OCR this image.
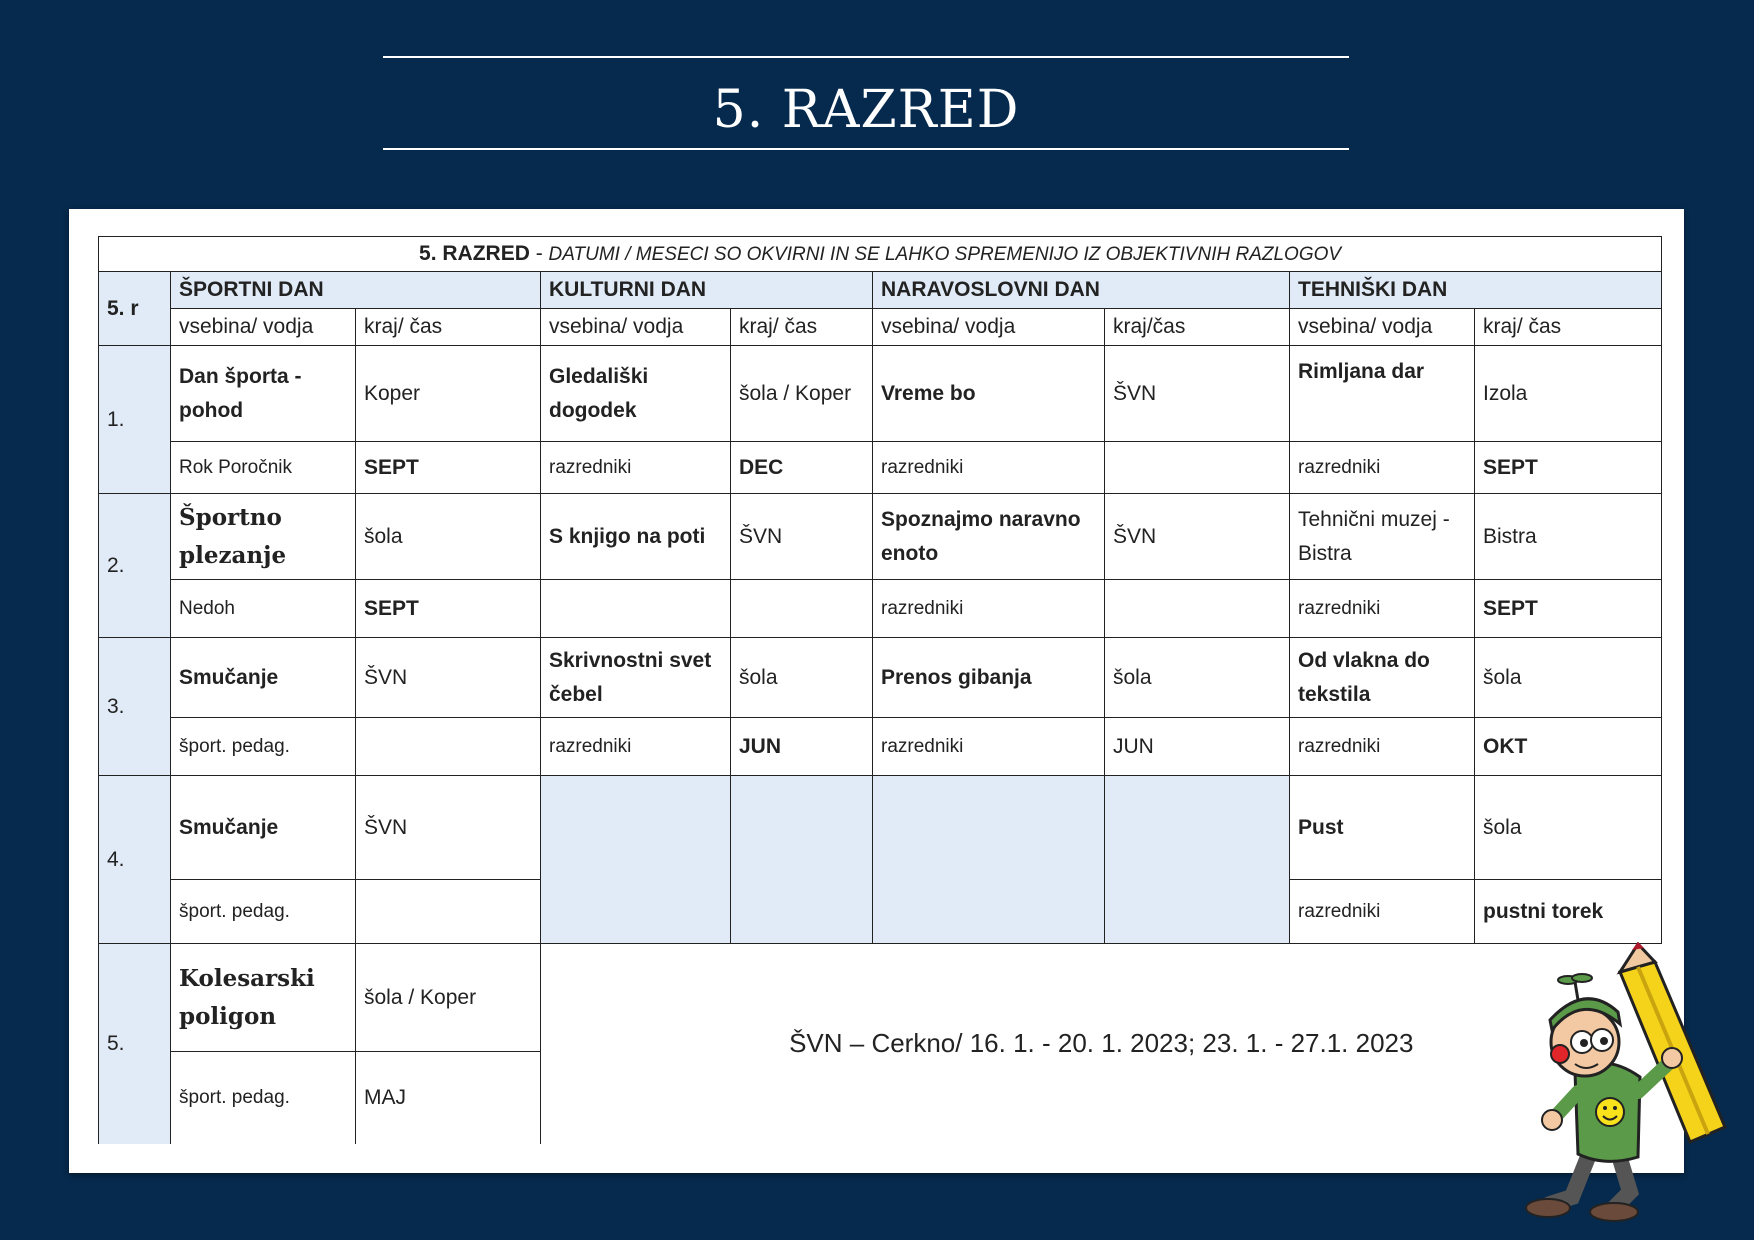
5. RAZRED
5. RAZRED - DATUMI / MESECI SO OKVIRNI IN SE LAHKO SPREMENIJO IZ OBJEKTIVNIH RAZLOGOV								
5. r	ŠPORTNI DAN		KULTURNI DAN		NARAVOSLOVNI DAN		TEHNIŠKI DAN	
	vsebina/ vodja	kraj/ čas	vsebina/ vodja	kraj/ čas	vsebina/ vodja	kraj/čas	vsebina/ vodja	kraj/ čas
1.	Dan športa - pohod	Koper	Gledališki dogodek	šola / Koper	Vreme bo	ŠVN	Rimljana dar	Izola
	Rok Poročnik	SEPT	razredniki	DEC	razredniki		razredniki	SEPT
2.	Športno plezanje	šola	S knjigo na poti	ŠVN	Spoznajmo naravno enoto	ŠVN	Tehnični muzej - Bistra	Bistra
	Nedoh	SEPT			razredniki		razredniki	SEPT
3.	Smučanje	ŠVN	Skrivnostni svet čebel	šola	Prenos gibanja	šola	Od vlakna do tekstila	šola
	šport. pedag.		razredniki	JUN	razredniki	JUN	razredniki	OKT
4.	Smučanje	ŠVN					Pust	šola
	šport. pedag.						razredniki	pustni torek
5.	Kolesarski poligon	šola / Koper	ŠVN – Cerkno/ 16. 1. - 20. 1. 2023; 23. 1. - 27.1. 2023					
	šport. pedag.	MAJ						
